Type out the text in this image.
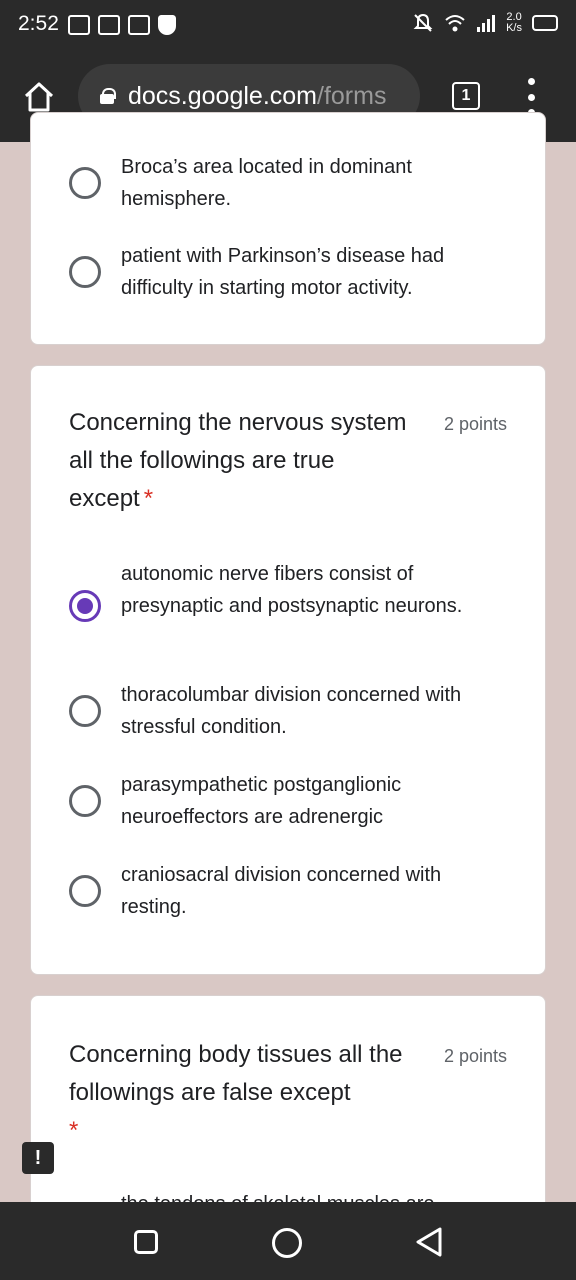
2:52	2.0
K/s
docs.google.com /forms	1
Broca’s area located in dominant hemisphere.
patient with Parkinson’s disease had difficulty in starting motor activity.
Concerning the nervous system all the followings are true except *
2 points
autonomic nerve fibers consist of presynaptic and postsynaptic neurons.
thoracolumbar division concerned with stressful condition.
parasympathetic postganglionic neuroeffectors are adrenergic
craniosacral division concerned with resting.
Concerning body tissues all the followings are false except
*
2 points
!
